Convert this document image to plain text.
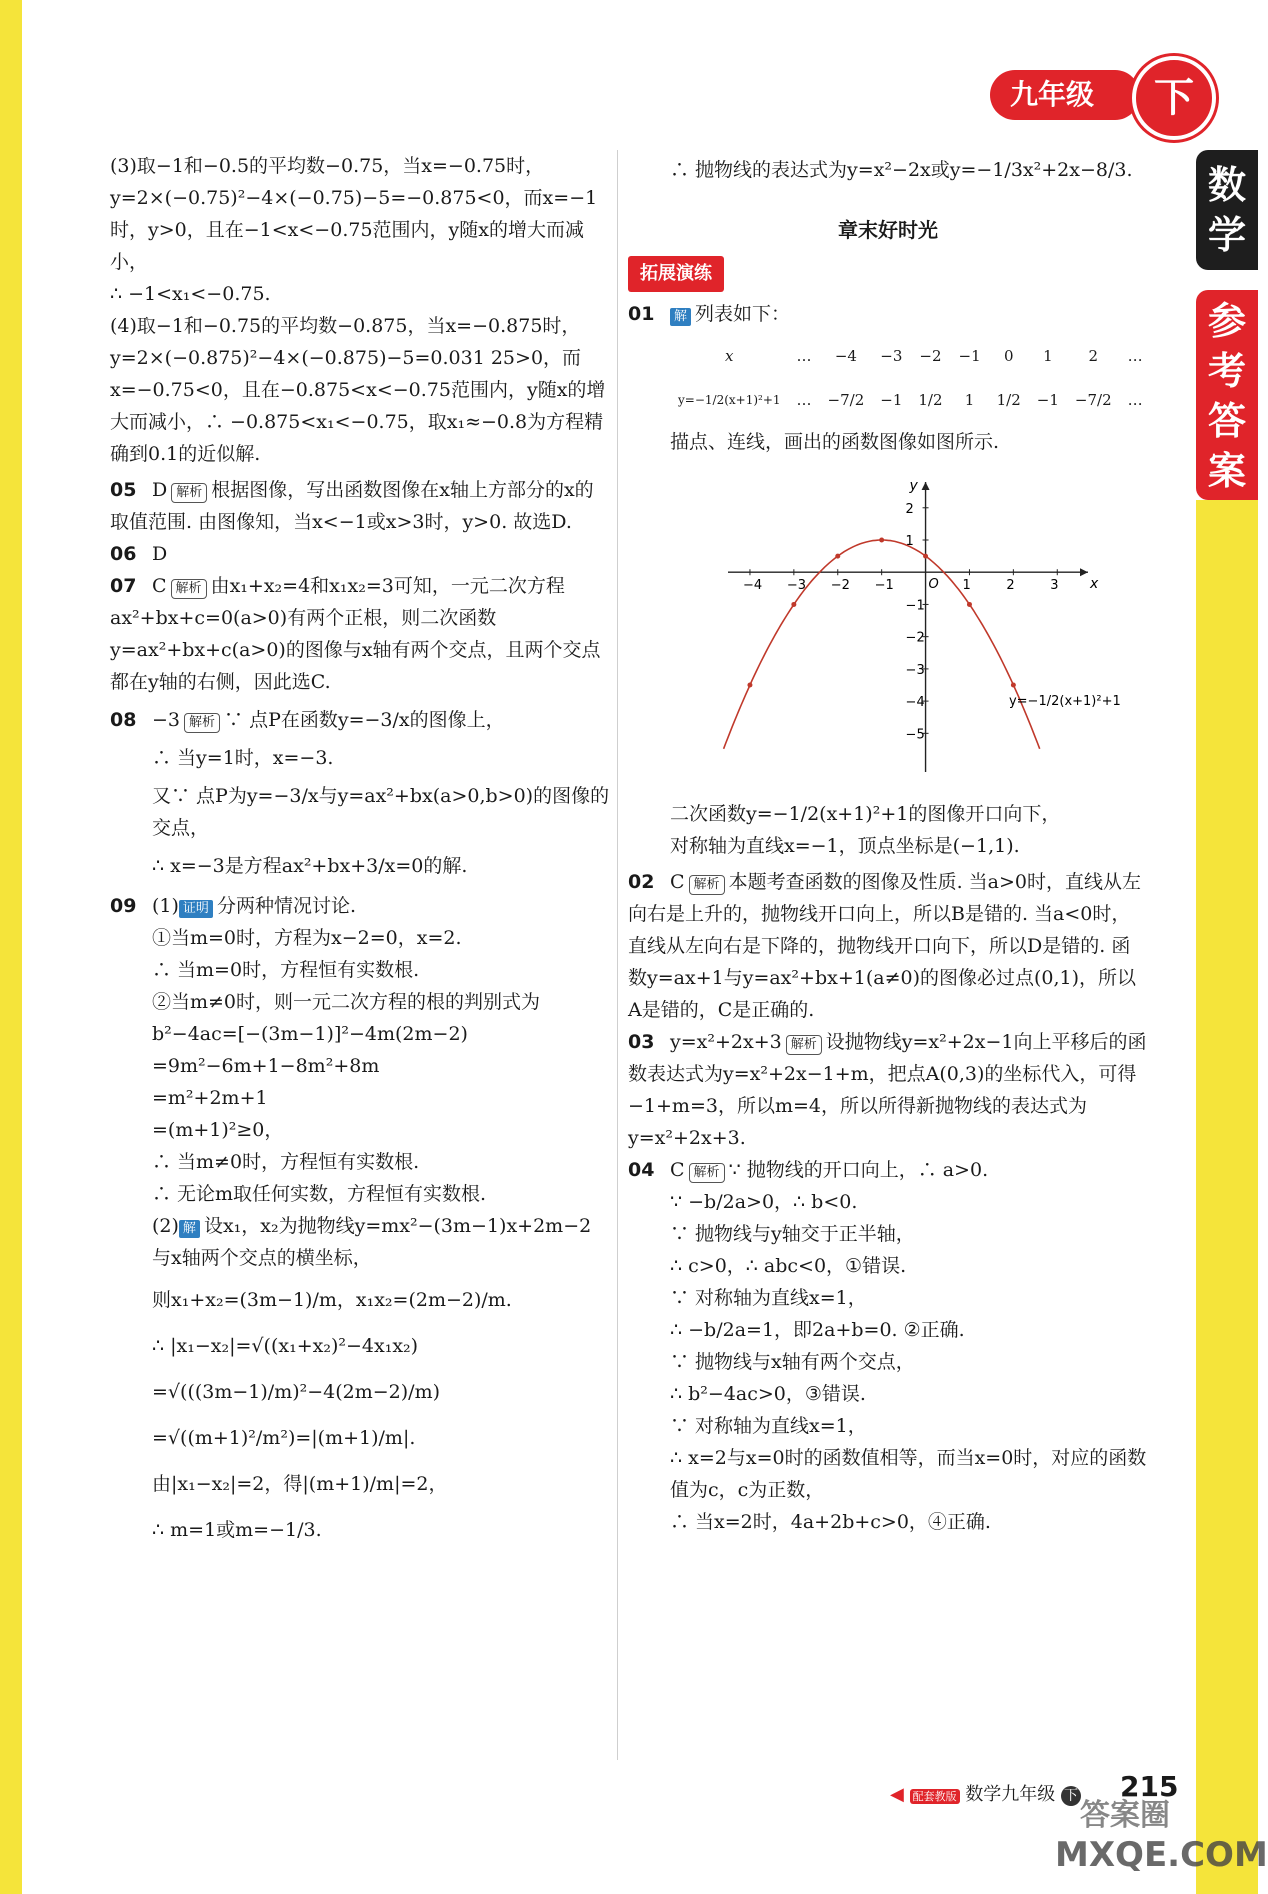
九年级	下
数
学
参
考
答
案

(3)取−1和−0.5的平均数−0.75，当x=−0.75时，y=2×(−0.75)²−4×(−0.75)−5=−0.875<0，而x=−1时，y>0，且在−1<x<−0.75范围内，y随x的增大而减小，

∴ −1<x₁<−0.75.

(4)取−1和−0.75的平均数−0.875，当x=−0.875时，y=2×(−0.875)²−4×(−0.875)−5=0.031 25>0，而x=−0.75<0，且在−0.875<x<−0.75范围内，y随x的增大而减小，∴ −0.875<x₁<−0.75，取x₁≈−0.8为方程精确到0.1的近似解.

05 D 解析 根据图像，写出函数图像在x轴上方部分的x的取值范围. 由图像知，当x<−1或x>3时，y>0. 故选D.

06 D

07 C 解析 由x₁+x₂=4和x₁x₂=3可知，一元二次方程ax²+bx+c=0(a>0)有两个正根，则二次函数y=ax²+bx+c(a>0)的图像与x轴有两个交点，且两个交点都在y轴的右侧，因此选C.

08 −3 解析 ∵ 点P在函数y=−3/x的图像上，

∴ 当y=1时，x=−3.

又∵ 点P为y=−3/x与y=ax²+bx(a>0,b>0)的图像的交点，

∴ x=−3是方程ax²+bx+3/x=0的解.

09 (1) 证明 分两种情况讨论.

①当m=0时，方程为x−2=0，x=2.

∴ 当m=0时，方程恒有实数根.

②当m≠0时，则一元二次方程的根的判别式为b²−4ac=[−(3m−1)]²−4m(2m−2)

=9m²−6m+1−8m²+8m

=m²+2m+1

=(m+1)²≥0，

∴ 当m≠0时，方程恒有实数根.

∴ 无论m取任何实数，方程恒有实数根.

(2) 解 设x₁，x₂为抛物线y=mx²−(3m−1)x+2m−2与x轴两个交点的横坐标，

则x₁+x₂=(3m−1)/m，x₁x₂=(2m−2)/m.

∴ |x₁−x₂|=√((x₁+x₂)²−4x₁x₂)

=√(((3m−1)/m)²−4(2m−2)/m)

=√((m+1)²/m²)=|(m+1)/m|.

由|x₁−x₂|=2，得|(m+1)/m|=2，

∴ m=1或m=−1/3.

∴ 抛物线的表达式为y=x²−2x或y=−1/3x²+2x−8/3.

章末好时光
拓展演练

01 解 列表如下：

x	…	−4	−3	−2	−1	0	1	2	…
y=−1/2(x+1)²+1	…	−7/2	−1	1/2	1	1/2	−1	−7/2	…

描点、连线，画出的函数图像如图所示.

x
y
O
−4 −3 −2 −1	1	2	3
2
1
−1
−2
−3
−4
−5
y=−1/2(x+1)²+1

二次函数y=−1/2(x+1)²+1的图像开口向下，

对称轴为直线x=−1，顶点坐标是(−1,1).

02 C 解析 本题考查函数的图像及性质. 当a>0时，直线从左向右是上升的，抛物线开口向上，所以B是错的. 当a<0时，直线从左向右是下降的，抛物线开口向下，所以D是错的. 函数y=ax+1与y=ax²+bx+1(a≠0)的图像必过点(0,1)，所以A是错的，C是正确的.

03 y=x²+2x+3 解析 设抛物线y=x²+2x−1向上平移后的函数表达式为y=x²+2x−1+m，把点A(0,3)的坐标代入，可得−1+m=3，所以m=4，所以所得新抛物线的表达式为y=x²+2x+3.

04 C 解析 ∵ 抛物线的开口向上，∴ a>0.

∵ −b/2a>0，∴ b<0.

∵ 抛物线与y轴交于正半轴，

∴ c>0，∴ abc<0，①错误.

∵ 对称轴为直线x=1，

∴ −b/2a=1，即2a+b=0. ②正确.

∵ 抛物线与x轴有两个交点，

∴ b²−4ac>0，③错误.

∵ 对称轴为直线x=1，

∴ x=2与x=0时的函数值相等，而当x=0时，对应的函数值为c，c为正数，

∴ 当x=2时，4a+2b+c>0，④正确.

◀ 配套教版 数学九年级 下 215
答案圈
MXQE.COM
